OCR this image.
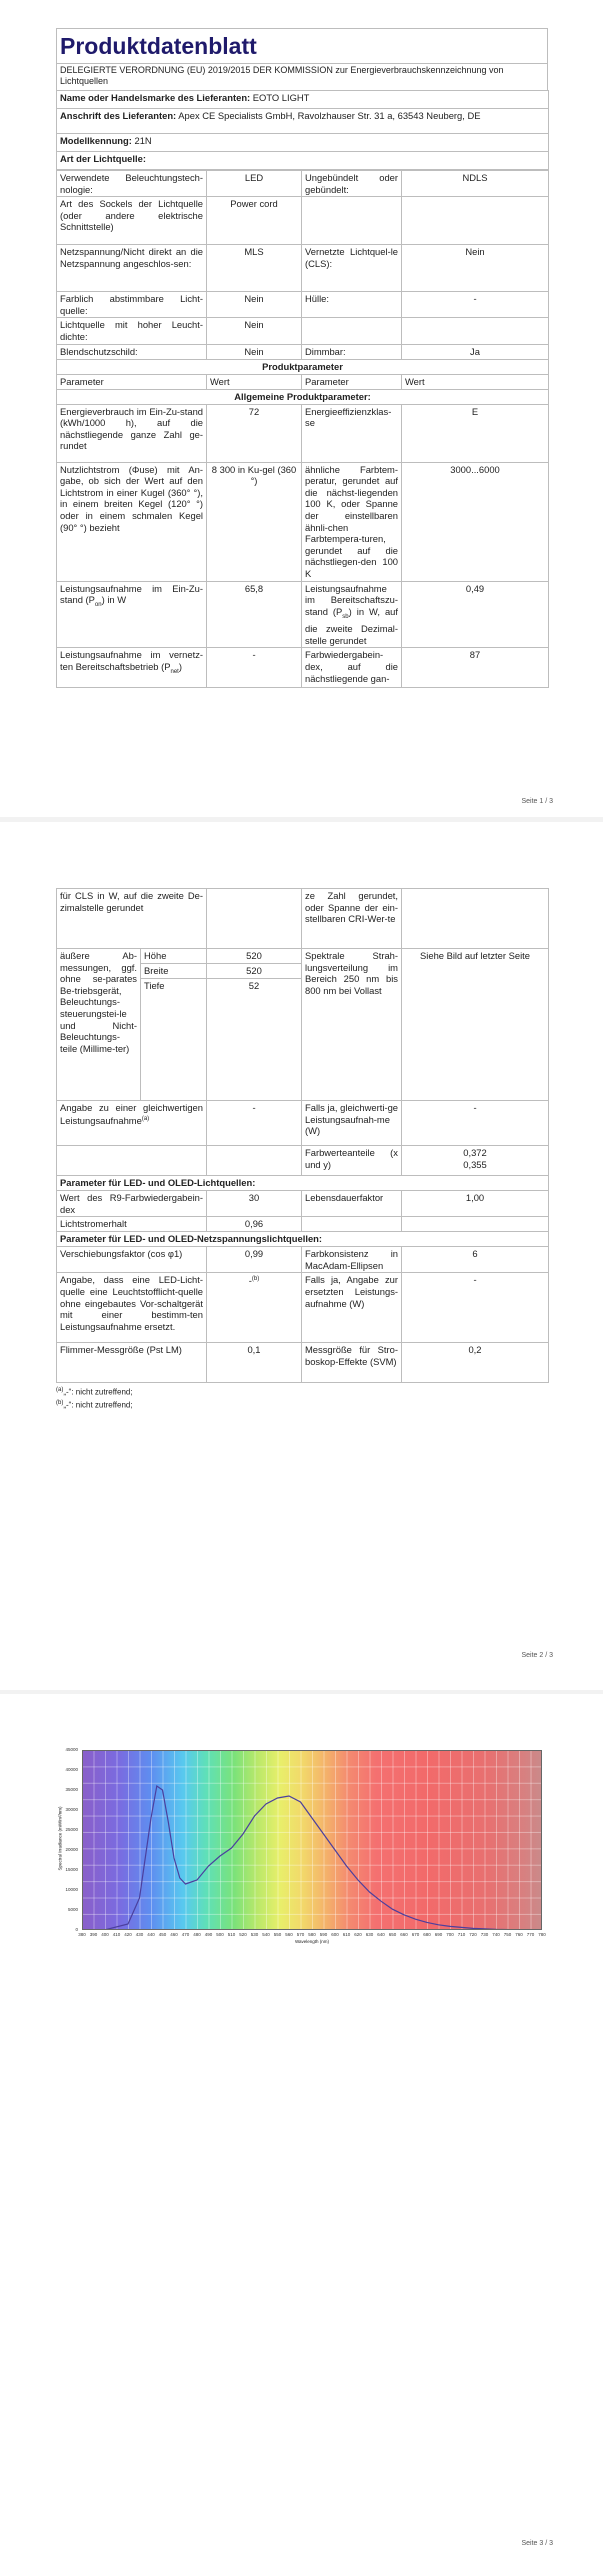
Produktdatenblatt
DELEGIERTE VERORDNUNG (EU) 2019/2015 DER KOMMISSION zur Energieverbrauchskennzeichnung von Lichtquellen
Name oder Handelsmarke des Lieferanten: EOTO LIGHT
Anschrift des Lieferanten: Apex CE Specialists GmbH, Ravolzhauser Str. 31 a, 63543 Neuberg, DE
Modellkennung: 21N
Art der Lichtquelle:
Verwendete Beleuchtungstech-nologie:	LED	Ungebündelt oder gebündelt:	NDLS
Art des Sockels der Lichtquelle (oder andere elektrische Schnittstelle)	Power cord		
Netzspannung/Nicht direkt an die Netzspannung angeschlos-sen:	MLS	Vernetzte Lichtquel-le (CLS):	Nein
Farblich abstimmbare Licht-quelle:	Nein	Hülle:	-
Lichtquelle mit hoher Leucht-dichte:	Nein		
Blendschutzschild:	Nein	Dimmbar:	Ja
Produktparameter			
Parameter	Wert	Parameter	Wert
Allgemeine Produktparameter:			
Energieverbrauch im Ein-Zu-stand (kWh/1000 h), auf die nächstliegende ganze Zahl ge-rundet	72	Energieeffizienzklas-se	E
Nutzlichtstrom (Φuse) mit An-gabe, ob sich der Wert auf den Lichtstrom in einer Kugel (360° °), in einem breiten Kegel (120° °) oder in einem schmalen Kegel (90° °) bezieht	8 300 in Ku-gel (360 °)	ähnliche Farbtem-peratur, gerundet auf die nächst-liegenden 100 K, oder Spanne der einstellbaren ähnli-chen Farbtempera-turen, gerundet auf die nächstliegen-den 100 K	3000...6000
Leistungsaufnahme im Ein-Zu-stand $(P_{on})$ in W	65,8	Leistungsaufnahme im Bereitschaftszu-stand $(P_{sb})$ in W, auf die zweite Dezimal-stelle gerundet	0,49
Leistungsaufnahme im vernetz-ten Bereitschaftsbetrieb $(P_{net})$	-	Farbwiedergabein-dex, auf die nächstliegende gan-	87
Seite 1 / 3
für CLS in W, auf die zweite De-zimalstelle gerundet			ze Zahl gerundet, oder Spanne der ein-stellbaren CRI-Wer-te	
äußere Ab-messungen, ggf. ohne se-parates Be-triebsgerät, Beleuchtungs-steuerungstei-le und Nicht-Beleuchtungs-teile (Millime-ter)	Höhe	520	Spektrale Strah-lungsverteilung im Bereich 250 nm bis 800 nm bei Vollast	Siehe Bild auf letzter Seite
	Breite	520		
	Tiefe	52		
Angabe zu einer gleichwertigen Leistungsaufnahme$^{(a)}$		-	Falls ja, gleichwerti-ge Leistungsaufnah-me (W)	-
			Farbwerteanteile (x und y)	0,372
0,355

Parameter für LED- und OLED-Lichtquellen:				
Wert des R9-Farbwiedergabein-dex		30	Lebensdauerfaktor	1,00
Lichtstromerhalt		0,96		
Parameter für LED- und OLED-Netzspannungslichtquellen:				
Verschiebungsfaktor (cos φ1)		0,99	Farbkonsistenz in MacAdam-Ellipsen	6
Angabe, dass eine LED-Licht-quelle eine Leuchtstofflicht-quelle ohne eingebautes Vor-schaltgerät mit einer bestimm-ten Leistungsaufnahme ersetzt.		-$^{(b)}$	Falls ja, Angabe zur ersetzten Leistungs-aufnahme (W)	-
Flimmer-Messgröße (Pst LM)		0,1	Messgröße für Stro-boskop-Effekte (SVM)	0,2
$^{(a)}$„-“: nicht zutreffend;
$^{(b)}$„-“: nicht zutreffend;
Seite 2 / 3
45000
40000
35000
30000
25000
20000
15000
10000
5000
0
380 390 400 410 420 430 440 450 460 470 480 490 500 510 520 530 540 550 560 570 580 590 600 610 620 630 640 650 660 670 680 690 700 710 720 730 740 750 760 770 780
Spectral Irradiance (mW/m²/nm)
Wavelength (nm)
Seite 3 / 3
